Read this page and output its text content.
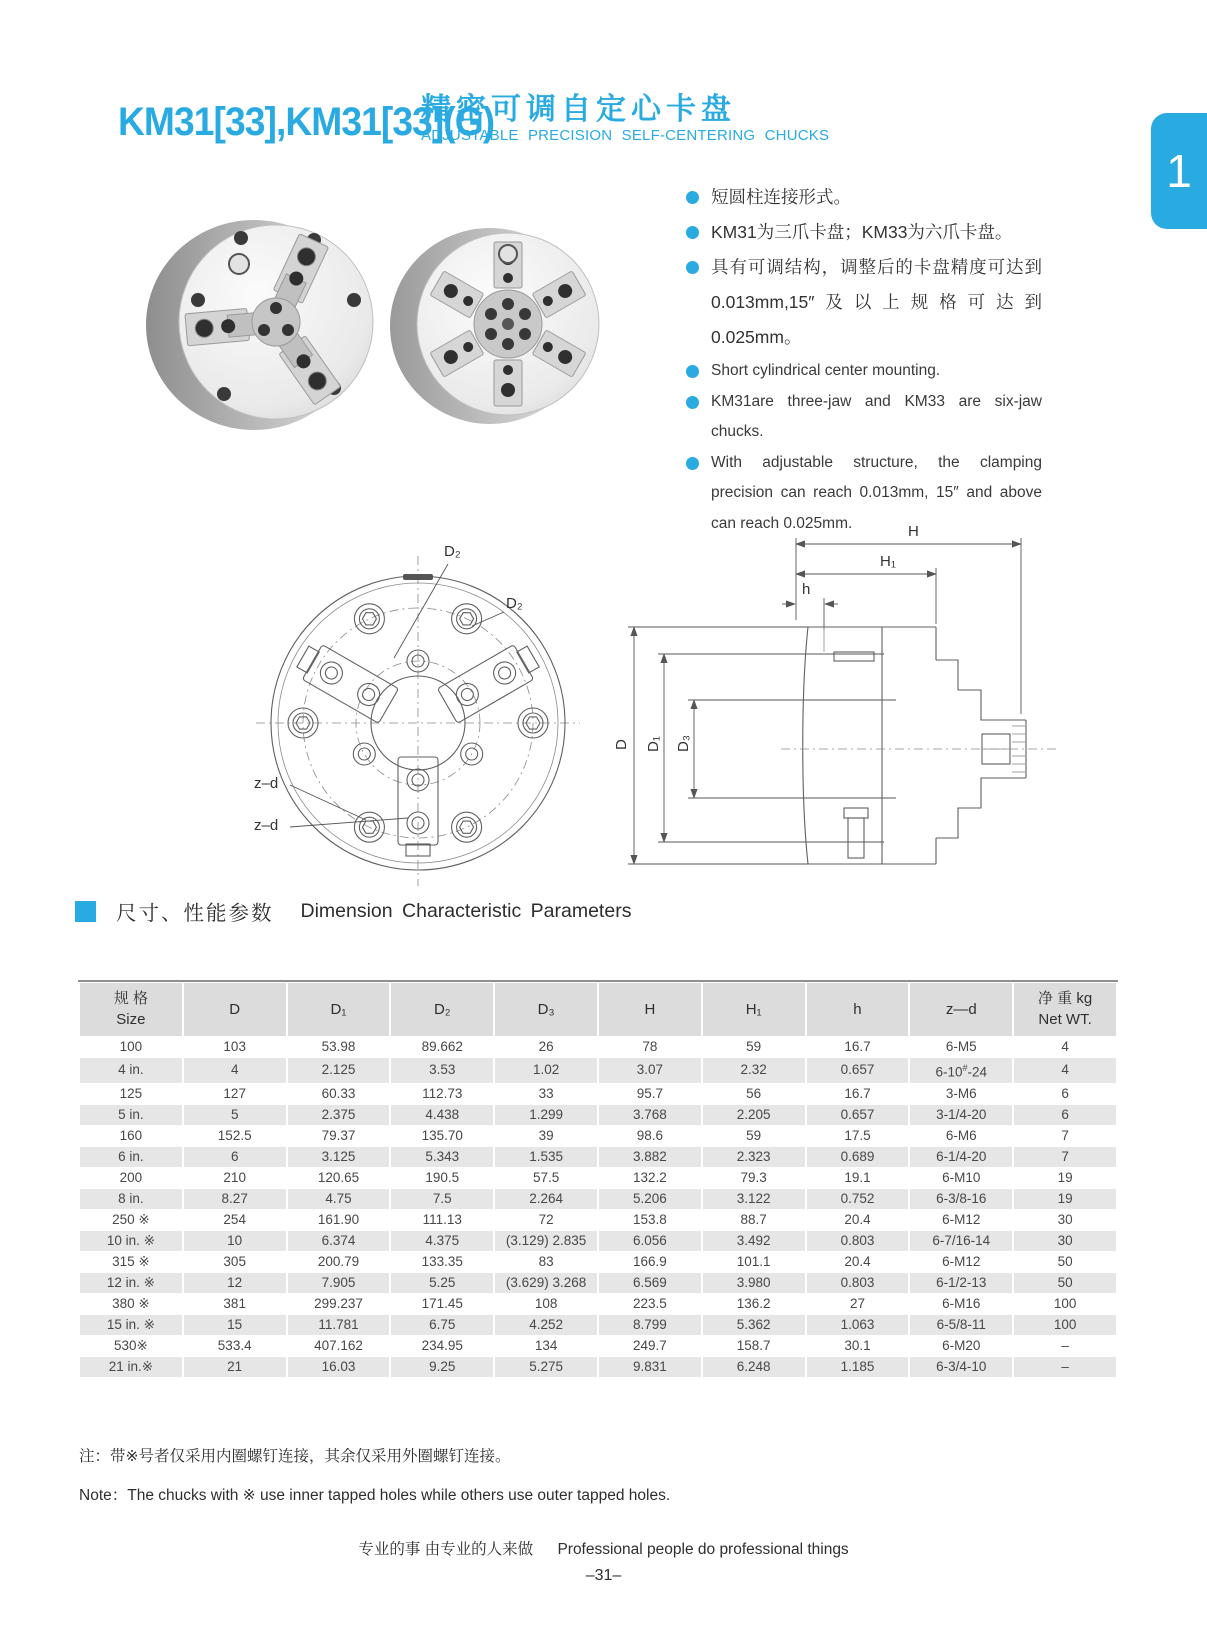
KM31[33],KM31[33](G)
精密可调自定心卡盘
ADJUSTABLE PRECISION SELF-CENTERING CHUCKS
1
短圆柱连接形式。
KM31为三爪卡盘；KM33为六爪卡盘。
具有可调结构，调整后的卡盘精度可达到0.013mm,15″及以上规格可达到0.025mm。
Short cylindrical center mounting.
KM31are three-jaw and KM33 are six-jaw chucks.
With adjustable structure, the clamping precision can reach 0.013mm, 15″ and above can reach 0.025mm.
D₂
D₂
z–d
z–d
H
H₁
h
D D₁ D₃
尺寸、性能参数 Dimension Characteristic Parameters
规 格
Size	D	D₁	D₂	D₃	H	H₁	h	z—d	净 重 kg
Net WT.
100	103	53.98	89.662	26	78	59	16.7	6-M5	4
4 in.	4	2.125	3.53	1.02	3.07	2.32	0.657	6-10#-24	4
125	127	60.33	112.73	33	95.7	56	16.7	3-M6	6
5 in.	5	2.375	4.438	1.299	3.768	2.205	0.657	3-1/4-20	6
160	152.5	79.37	135.70	39	98.6	59	17.5	6-M6	7
6 in.	6	3.125	5.343	1.535	3.882	2.323	0.689	6-1/4-20	7
200	210	120.65	190.5	57.5	132.2	79.3	19.1	6-M10	19
8 in.	8.27	4.75	7.5	2.264	5.206	3.122	0.752	6-3/8-16	19
250 ※	254	161.90	111.13	72	153.8	88.7	20.4	6-M12	30
10 in. ※	10	6.374	4.375	(3.129) 2.835	6.056	3.492	0.803	6-7/16-14	30
315 ※	305	200.79	133.35	83	166.9	101.1	20.4	6-M12	50
12 in. ※	12	7.905	5.25	(3.629) 3.268	6.569	3.980	0.803	6-1/2-13	50
380 ※	381	299.237	171.45	108	223.5	136.2	27	6-M16	100
15 in. ※	15	11.781	6.75	4.252	8.799	5.362	1.063	6-5/8-11	100
530※	533.4	407.162	234.95	134	249.7	158.7	30.1	6-M20	–
21 in.※	21	16.03	9.25	5.275	9.831	6.248	1.185	6-3/4-10	–
注：带※号者仅采用内圈螺钉连接，其余仅采用外圈螺钉连接。
Note：The chucks with ※ use inner tapped holes while others use outer tapped holes.
专业的事 由专业的人来做 Professional people do professional things
–31–
